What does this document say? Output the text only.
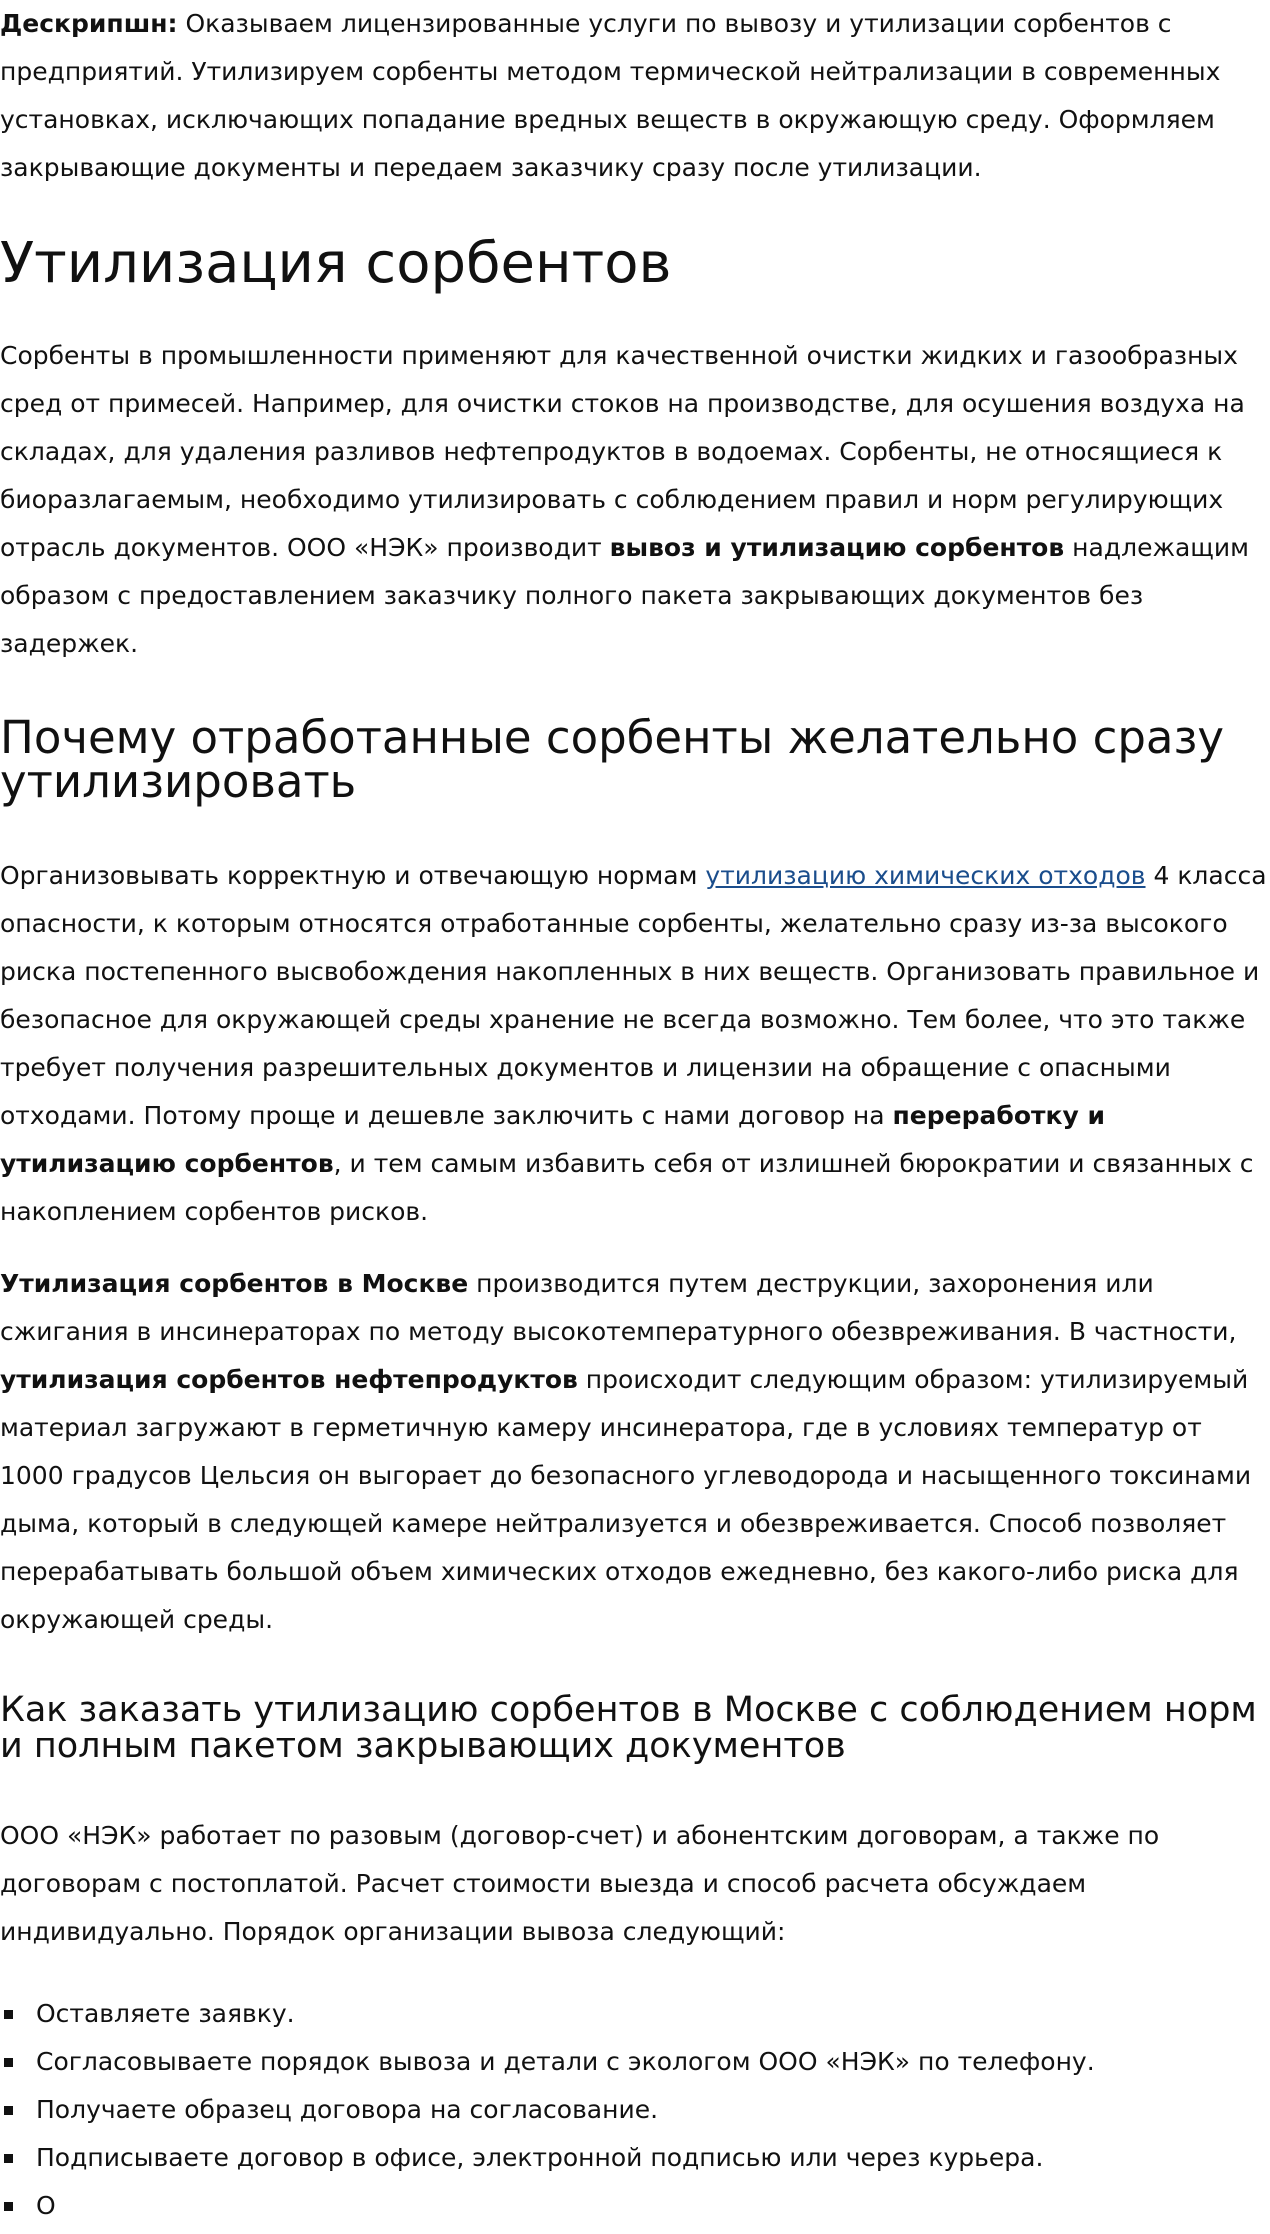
Дескрипшн: Оказываем лицензированные услуги по вывозу и утилизации сорбентов с предприятий. Утилизируем сорбенты методом термической нейтрализации в современных установках, исключающих попадание вредных веществ в окружающую среду. Оформляем закрывающие документы и передаем заказчику сразу после утилизации.

Утилизация сорбентов

Сорбенты в промышленности применяют для качественной очистки жидких и газообразных сред от примесей. Например, для очистки стоков на производстве, для осушения воздуха на складах, для удаления разливов нефтепродуктов в водоемах. Сорбенты, не относящиеся к биоразлагаемым, необходимо утилизировать с соблюдением правил и норм регулирующих отрасль документов. ООО «НЭК» производит вывоз и утилизацию сорбентов надлежащим образом с предоставлением заказчику полного пакета закрывающих документов без задержек.

Почему отработанные сорбенты желательно сразу утилизировать

Организовывать корректную и отвечающую нормам утилизацию химических отходов 4 класса опасности, к которым относятся отработанные сорбенты, желательно сразу из-за высокого риска постепенного высвобождения накопленных в них веществ. Организовать правильное и безопасное для окружающей среды хранение не всегда возможно. Тем более, что это также требует получения разрешительных документов и лицензии на обращение с опасными отходами. Потому проще и дешевле заключить с нами договор на переработку и утилизацию сорбентов, и тем самым избавить себя от излишней бюрократии и связанных с накоплением сорбентов рисков.

Утилизация сорбентов в Москве производится путем деструкции, захоронения или сжигания в инсинераторах по методу высокотемпературного обезвреживания. В частности, утилизация сорбентов нефтепродуктов происходит следующим образом: утилизируемый материал загружают в герметичную камеру инсинератора, где в условиях температур от 1000 градусов Цельсия он выгорает до безопасного углеводорода и насыщенного токсинами дыма, который в следующей камере нейтрализуется и обезвреживается. Способ позволяет перерабатывать большой объем химических отходов ежедневно, без какого-либо риска для окружающей среды.

Как заказать утилизацию сорбентов в Москве с соблюдением норм и полным пакетом закрывающих документов

ООО «НЭК» работает по разовым (договор-счет) и абонентским договорам, а также по договорам с постоплатой. Расчет стоимости выезда и способ расчета обсуждаем индивидуально. Порядок организации вывоза следующий:

Оставляете заявку.
Согласовываете порядок вывоза и детали с экологом ООО «НЭК» по телефону.
Получаете образец договора на согласование.
Подписываете договор в офисе, электронной подписью или через курьера.
О
